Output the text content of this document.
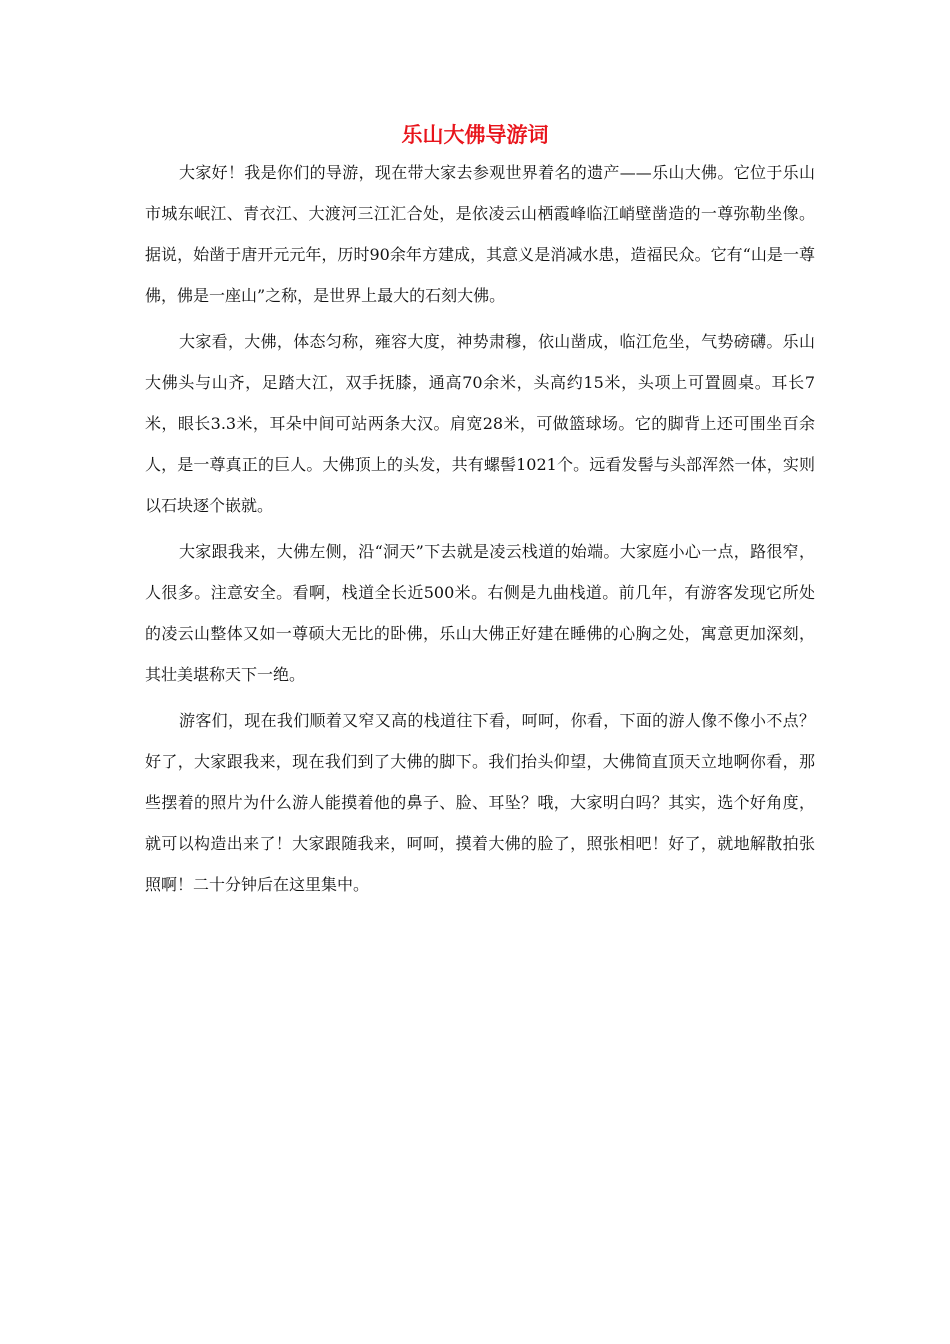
乐山大佛导游词

大家好！我是你们的导游，现在带大家去参观世界着名的遗产——乐山大佛。它位于乐山市城东岷江、青衣江、大渡河三江汇合处，是依凌云山栖霞峰临江峭壁凿造的一尊弥勒坐像。据说，始凿于唐开元元年，历时90余年方建成，其意义是消减水患，造福民众。它有“山是一尊佛，佛是一座山”之称，是世界上最大的石刻大佛。

大家看，大佛，体态匀称，雍容大度，神势肃穆，依山凿成，临江危坐，气势磅礴。乐山大佛头与山齐，足踏大江，双手抚膝，通高70余米，头高约15米，头项上可置圆桌。耳长7米，眼长3.3米，耳朵中间可站两条大汉。肩宽28米，可做篮球场。它的脚背上还可围坐百余人，是一尊真正的巨人。大佛顶上的头发，共有螺髻1021个。远看发髻与头部浑然一体，实则以石块逐个嵌就。

大家跟我来，大佛左侧，沿“洞天”下去就是凌云栈道的始端。大家庭小心一点，路很窄，人很多。注意安全。看啊，栈道全长近500米。右侧是九曲栈道。前几年，有游客发现它所处的凌云山整体又如一尊硕大无比的卧佛，乐山大佛正好建在睡佛的心胸之处，寓意更加深刻，其壮美堪称天下一绝。

游客们，现在我们顺着又窄又高的栈道往下看，呵呵，你看，下面的游人像不像小不点？好了，大家跟我来，现在我们到了大佛的脚下。我们抬头仰望，大佛简直顶天立地啊你看，那些摆着的照片为什么游人能摸着他的鼻子、脸、耳坠？哦，大家明白吗？其实，选个好角度，就可以构造出来了！大家跟随我来，呵呵，摸着大佛的脸了，照张相吧！好了，就地解散拍张照啊！二十分钟后在这里集中。
